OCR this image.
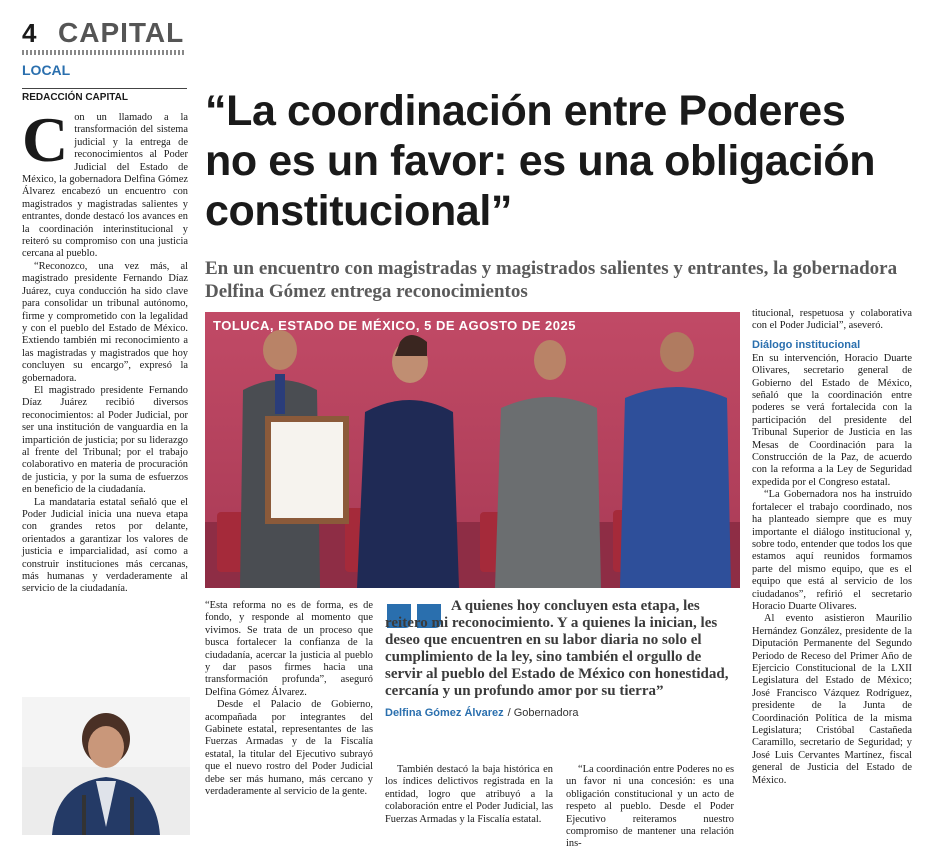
4 CAPITAL
LOCAL
REDACCIÓN CAPITAL “La coordinación entre Poderes no es un favor: es una obligación constitucional”
En un encuentro con magistradas y magistrados salientes y entrantes, la gobernadora Delfina Gómez entrega reconocimientos
C on un llamado a la transformación del sistema judicial y la entrega de reconocimientos al Poder Judicial del Estado de México, la gobernadora Delfina Gómez Álvarez encabezó un encuentro con magistrados y magistradas salientes y entrantes, donde destacó los avances en la coordinación interinstitucional y reiteró su compromiso con una justicia cercana al pueblo.

“Reconozco, una vez más, al magistrado presidente Fernando Díaz Juárez, cuya conducción ha sido clave para consolidar un tribunal autónomo, firme y comprometido con la legalidad y con el pueblo del Estado de México. Extiendo también mi reconocimiento a las magistradas y magistrados que hoy concluyen su encargo”, expresó la gobernadora.

El magistrado presidente Fernando Díaz Juárez recibió diversos reconocimientos: al Poder Judicial, por ser una institución de vanguardia en la impartición de justicia; por su liderazgo al frente del Tribunal; por el trabajo colaborativo en materia de procuración de justicia, y por la suma de esfuerzos en beneficio de la ciudadanía.

La mandataria estatal señaló que el Poder Judicial inicia una nueva etapa con grandes retos por delante, orientados a garantizar los valores de justicia e imparcialidad, así como a construir instituciones más cercanas, más humanas y verdaderamente al servicio de la ciudadanía.

TOLUCA, ESTADO DE MÉXICO, 5 DE AGOSTO DE 2025

“Esta reforma no es de forma, es de fondo, y responde al momento que vivimos. Se trata de un proceso que busca fortalecer la confianza de la ciudadanía, acercar la justicia al pueblo y dar pasos firmes hacia una transformación profunda”, aseguró Delfina Gómez Álvarez.

Desde el Palacio de Gobierno, acompañada por integrantes del Gabinete estatal, representantes de las Fuerzas Armadas y de la Fiscalía estatal, la titular del Ejecutivo subrayó que el nuevo rostro del Poder Judicial debe ser más humano, más cercano y verdaderamente al servicio de la gente.

A quienes hoy concluyen esta etapa, les reitero mi reconocimiento. Y a quienes la inician, les deseo que encuentren en su labor diaria no solo el cumplimiento de la ley, sino también el orgullo de servir al pueblo del Estado de México con honestidad, cercanía y un profundo amor por su tierra”
Delfina Gómez Álvarez / Gobernadora

También destacó la baja histórica en los índices delictivos registrada en la entidad, logro que atribuyó a la colaboración entre el Poder Judicial, las Fuerzas Armadas y la Fiscalía estatal.

“La coordinación entre Poderes no es un favor ni una concesión: es una obligación constitucional y un acto de respeto al pueblo. Desde el Poder Ejecutivo reiteramos nuestro compromiso de mantener una relación ins-

titucional, respetuosa y colaborativa con el Poder Judicial”, aseveró.

Diálogo institucional

En su intervención, Horacio Duarte Olivares, secretario general de Gobierno del Estado de México, señaló que la coordinación entre poderes se verá fortalecida con la participación del presidente del Tribunal Superior de Justicia en las Mesas de Coordinación para la Construcción de la Paz, de acuerdo con la reforma a la Ley de Seguridad expedida por el Congreso estatal.

“La Gobernadora nos ha instruido fortalecer el trabajo coordinado, nos ha planteado siempre que es muy importante el diálogo institucional y, sobre todo, entender que todos los que estamos aquí reunidos formamos parte del mismo equipo, que es el equipo que está al servicio de los ciudadanos”, refirió el secretario Horacio Duarte Olivares.

Al evento asistieron Maurilio Hernández González, presidente de la Diputación Permanente del Segundo Periodo de Receso del Primer Año de Ejercicio Constitucional de la LXII Legislatura del Estado de México; José Francisco Vázquez Rodríguez, presidente de la Junta de Coordinación Política de la misma Legislatura; Cristóbal Castañeda Caramillo, secretario de Seguridad; y José Luis Cervantes Martínez, fiscal general de Justicia del Estado de México.
